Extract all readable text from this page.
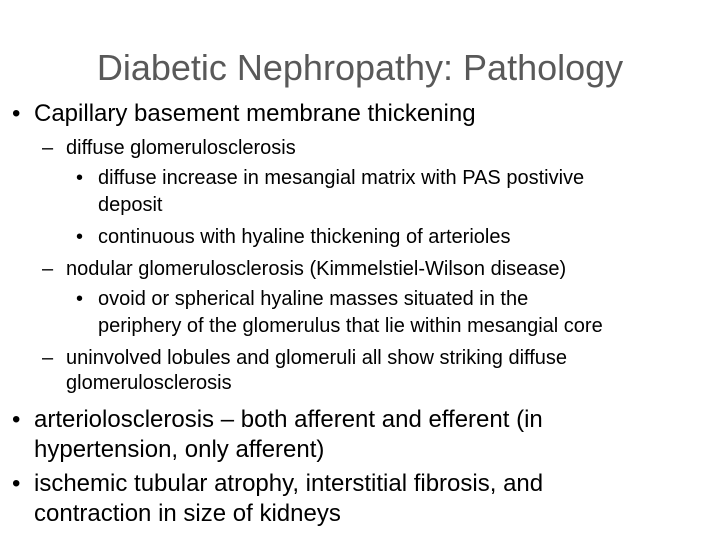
Diabetic Nephropathy: Pathology
• Capillary basement membrane thickening
– diffuse glomerulosclerosis
• diffuse increase in mesangial matrix with PAS postivive
deposit
• continuous with hyaline thickening of arterioles
– nodular glomerulosclerosis (Kimmelstiel-Wilson disease)
• ovoid or spherical hyaline masses situated in the
periphery of the glomerulus that lie within mesangial core
– uninvolved lobules and glomeruli all show striking diffuse
glomerulosclerosis
• arteriolosclerosis – both afferent and efferent (in
hypertension, only afferent)
• ischemic tubular atrophy, interstitial fibrosis, and
contraction in size of kidneys
